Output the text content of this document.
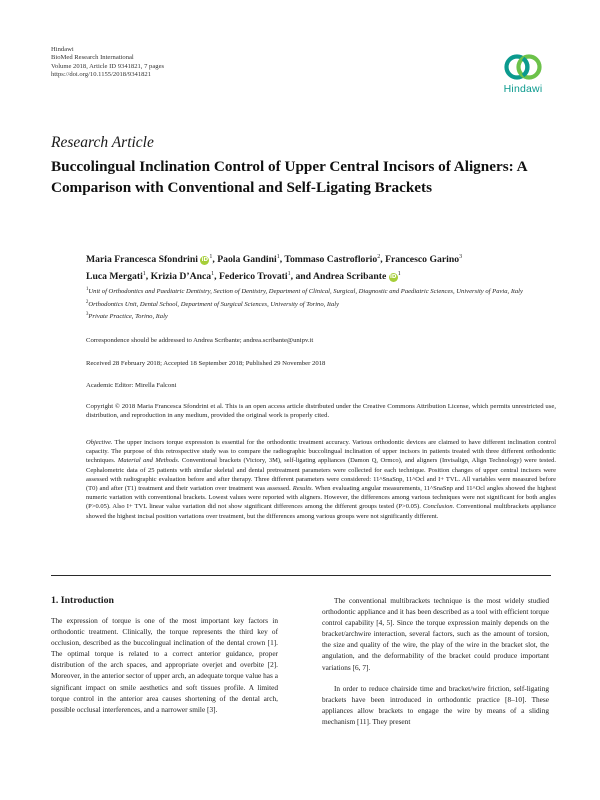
Hindawi
BioMed Research International
Volume 2018, Article ID 9341821, 7 pages
https://doi.org/10.1155/2018/9341821
Hindawi
Research Article
Buccolingual Inclination Control of Upper Central Incisors of Aligners: A Comparison with Conventional and Self-Ligating Brackets
Maria Francesca Sfondrini $iD^1$, Paola Gandini$^1$, Tommaso Castroflorio$^2$, Francesco Garino$^3$
Luca Mergati$^1$, Krizia D’Anca$^1$, Federico Trovati$^1$, and Andrea Scribante $iD^1$
$^1$Unit of Orthodontics and Paediatric Dentistry, Section of Dentistry, Department of Clinical, Surgical, Diagnostic and Paediatric Sciences, University of Pavia, Italy
$^2$Orthodontics Unit, Dental School, Department of Surgical Sciences, University of Torino, Italy
$^3$Private Practice, Torino, Italy
Correspondence should be addressed to Andrea Scribante; andrea.scribante@unipv.it
Received 28 February 2018; Accepted 18 September 2018; Published 29 November 2018
Academic Editor: Mirella Falconi
Copyright © 2018 Maria Francesca Sfondrini et al. This is an open access article distributed under the Creative Commons Attribution License, which permits unrestricted use, distribution, and reproduction in any medium, provided the original work is properly cited.
Objective. The upper incisors torque expression is essential for the orthodontic treatment accuracy. Various orthodontic devices are claimed to have different inclination control capacity. The purpose of this retrospective study was to compare the radiographic buccolingual inclination of upper incisors in patients treated with three different orthodontic techniques. Material and Methods. Conventional brackets (Victory, 3M), self-ligating appliances (Damon Q, Ormco), and aligners (Invisalign, Align Technology) were tested. Cephalometric data of 25 patients with similar skeletal and dental pretreatment parameters were collected for each technique. Position changes of upper central incisors were assessed with radiographic evaluation before and after therapy. Three different parameters were considered: 11^SnaSnp, 11^Ocl and I+ TVL. All variables were measured before (T0) and after (T1) treatment and their variation over treatment was assessed. Results. When evaluating angular measurements, 11^SnaSnp and 11^Ocl angles showed the highest numeric variation with conventional brackets. Lowest values were reported with aligners. However, the differences among various techniques were not significant for both angles (P>0.05). Also I+ TVL linear value variation did not show significant differences among the different groups tested (P>0.05). Conclusion. Conventional multibrackets appliance showed the highest incisal position variations over treatment, but the differences among various groups were not significantly different.
1. Introduction

The expression of torque is one of the most important key factors in orthodontic treatment. Clinically, the torque represents the third key of occlusion, described as the buccolingual inclination of the dental crown [1]. The optimal torque is related to a correct anterior guidance, proper distribution of the arch spaces, and appropriate overjet and overbite [2]. Moreover, in the anterior sector of upper arch, an adequate torque value has a significant impact on smile aesthetics and soft tissues profile. A limited torque control in the anterior area causes shortening of the dental arch, possible occlusal interferences, and a narrower smile [3].

The conventional multibrackets technique is the most widely studied orthodontic appliance and it has been described as a tool with efficient torque control capability [4, 5]. Since the torque expression mainly depends on the bracket/archwire interaction, several factors, such as the amount of torsion, the size and quality of the wire, the play of the wire in the bracket slot, the angulation, and the deformability of the bracket could produce important variations [6, 7].

In order to reduce chairside time and bracket/wire friction, self-ligating brackets have been introduced in orthodontic practice [8–10]. These appliances allow brackets to engage the wire by means of a sliding mechanism [11]. They present
